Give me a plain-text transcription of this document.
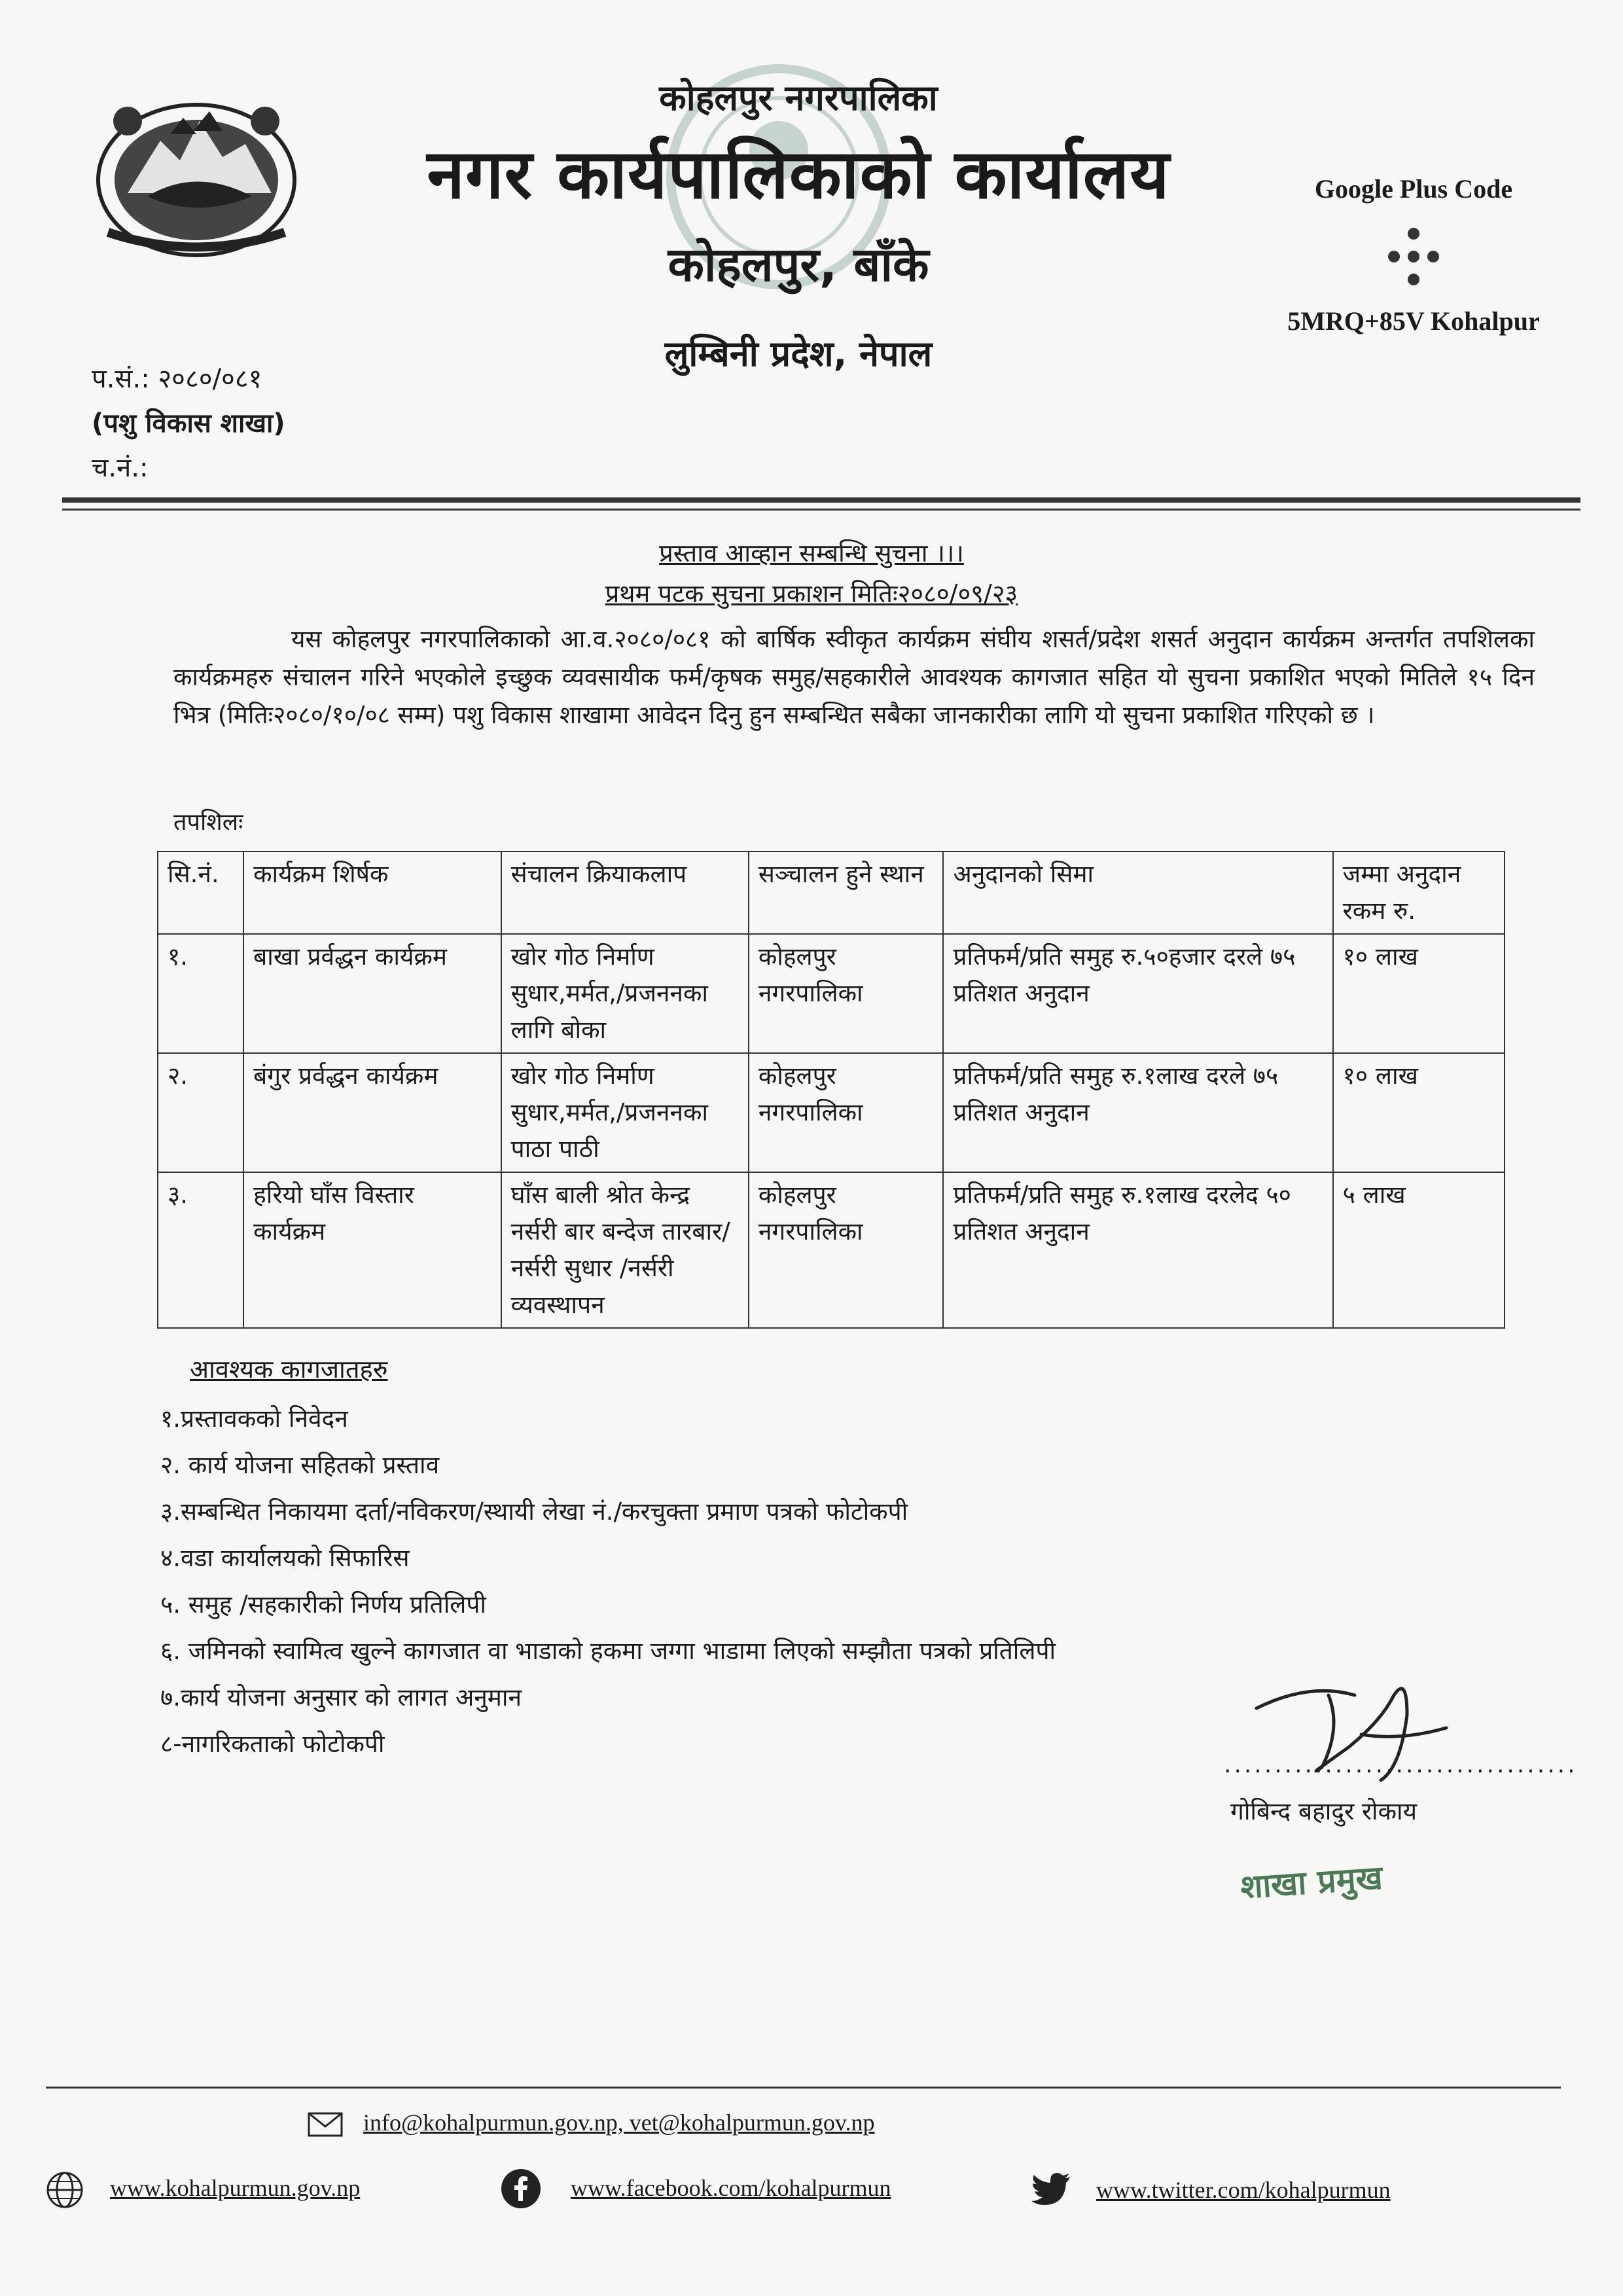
कोहलपुर नगरपालिका
नगर कार्यपालिकाको कार्यालय
कोहलपुर, बाँके
लुम्बिनी प्रदेश, नेपाल
Google Plus Code
5MRQ+85V Kohalpur
प.सं.: २०८०/०८१
(पशु विकास शाखा)
च.नं.:
प्रस्ताव आव्हान सम्बन्धि सुचना ।।।
प्रथम पटक सुचना प्रकाशन मितिः२०८०/०९/२३
यस कोहलपुर नगरपालिकाको आ.व.२०८०/०८१ को बार्षिक स्वीकृत कार्यक्रम संघीय शसर्त/प्रदेश शसर्त अनुदान कार्यक्रम अन्तर्गत तपशिलका कार्यक्रमहरु संचालन गरिने भएकोले इच्छुक व्यवसायीक फर्म/कृषक समुह/सहकारीले आवश्यक कागजात सहित यो सुचना प्रकाशित भएको मितिले १५ दिन भित्र (मितिः२०८०/१०/०८ सम्म) पशु विकास शाखामा आवेदन दिनु हुन सम्बन्धित सबैका जानकारीका लागि यो सुचना प्रकाशित गरिएको छ ।
तपशिलः
सि.नं.	कार्यक्रम शिर्षक	संचालन क्रियाकलाप	सञ्चालन हुने स्थान	अनुदानको सिमा	जम्मा अनुदान रकम रु.
१.	बाखा प्रर्वद्धन कार्यक्रम	खोर गोठ निर्माण सुधार,मर्मत,/प्रजननका लागि बोका	कोहलपुर नगरपालिका	प्रतिफर्म/प्रति समुह रु.५०हजार दरले ७५ प्रतिशत अनुदान	१० लाख
२.	बंगुर प्रर्वद्धन कार्यक्रम	खोर गोठ निर्माण सुधार,मर्मत,/प्रजननका पाठा पाठी	कोहलपुर नगरपालिका	प्रतिफर्म/प्रति समुह रु.१लाख दरले ७५ प्रतिशत अनुदान	१० लाख
३.	हरियो घाँस विस्तार कार्यक्रम	घाँस बाली श्रोत केन्द्र नर्सरी बार बन्देज तारबार/नर्सरी सुधार /नर्सरी व्यवस्थापन	कोहलपुर नगरपालिका	प्रतिफर्म/प्रति समुह रु.१लाख दरलेद ५० प्रतिशत अनुदान	५ लाख
आवश्यक कागजातहरु
१.प्रस्तावकको निवेदन
२. कार्य योजना सहितको प्रस्ताव
३.सम्बन्धित निकायमा दर्ता/नविकरण/स्थायी लेखा नं./करचुक्ता प्रमाण पत्रको फोटोकपी
४.वडा कार्यालयको सिफारिस
५. समुह /सहकारीको निर्णय प्रतिलिपी
६. जमिनको स्वामित्व खुल्ने कागजात वा भाडाको हकमा जग्गा भाडामा लिएको सम्झौता पत्रको प्रतिलिपी
७.कार्य योजना अनुसार को लागत अनुमान
८-नागरिकताको फोटोकपी
...................................
गोबिन्द बहादुर रोकाय
शाखा प्रमुख
info@kohalpurmun.gov.np, vet@kohalpurmun.gov.np
www.kohalpurmun.gov.np	www.facebook.com/kohalpurmun	www.twitter.com/kohalpurmun
